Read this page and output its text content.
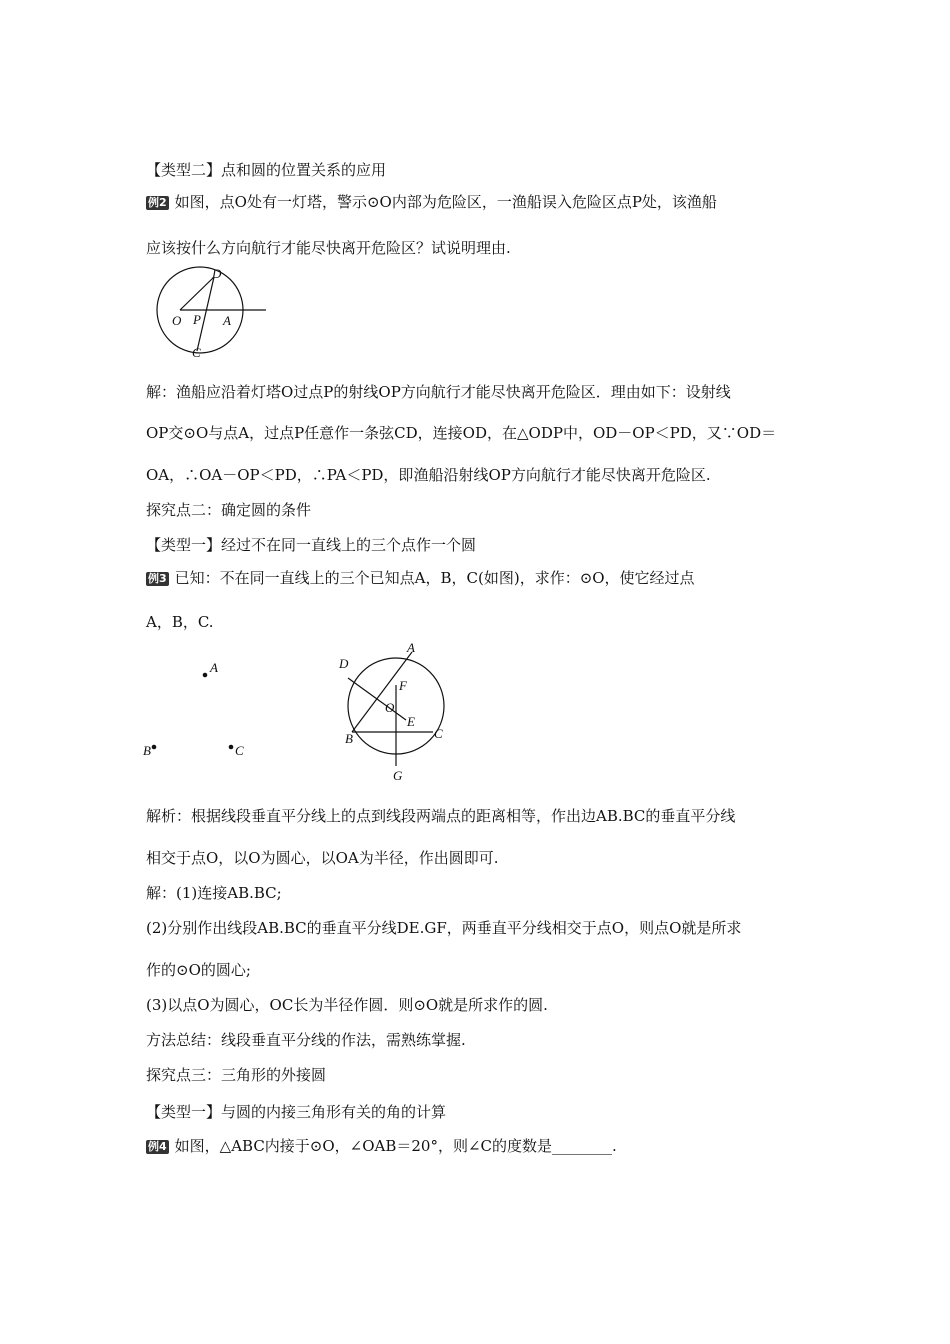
【类型二】点和圆的位置关系的应用
例2 如图，点O处有一灯塔，警示⊙O内部为危险区，一渔船误入危险区点P处，该渔船
应该按什么方向航行才能尽快离开危险区？试说明理由.
O P A
D
C
解：渔船应沿着灯塔O过点P的射线OP方向航行才能尽快离开危险区．理由如下：设射线
OP交⊙O与点A，过点P任意作一条弦CD，连接OD，在△ODP中，OD－OP＜PD，又∵OD＝
OA，∴OA－OP＜PD，∴PA＜PD，即渔船沿射线OP方向航行才能尽快离开危险区.
探究点二：确定圆的条件
【类型一】经过不在同一直线上的三个点作一个圆
例3 已知：不在同一直线上的三个已知点A，B，C(如图)，求作：⊙O，使它经过点
A，B，C.
A
B	C
A
D
F
O
E
B	C
G
解析：根据线段垂直平分线上的点到线段两端点的距离相等，作出边AB.BC的垂直平分线
相交于点O，以O为圆心，以OA为半径，作出圆即可.
解：(1)连接AB.BC;
(2)分别作出线段AB.BC的垂直平分线DE.GF，两垂直平分线相交于点O，则点O就是所求
作的⊙O的圆心;
(3)以点O为圆心，OC长为半径作圆．则⊙O就是所求作的圆.
方法总结：线段垂直平分线的作法，需熟练掌握.
探究点三：三角形的外接圆
【类型一】与圆的内接三角形有关的角的计算
例4 如图，△ABC内接于⊙O，∠OAB＝20°，则∠C的度数是________.
